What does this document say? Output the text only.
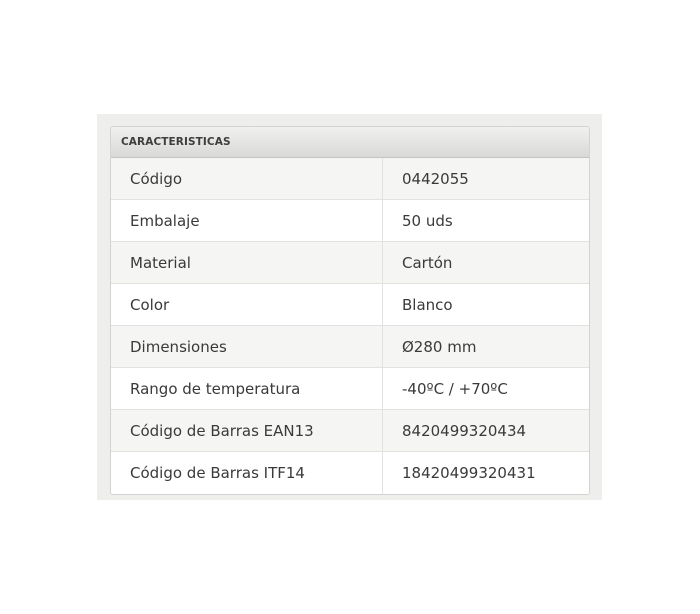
CARACTERISTICAS
Código	0442055
Embalaje	50 uds
Material	Cartón
Color	Blanco
Dimensiones	Ø280 mm
Rango de temperatura	-40ºC / +70ºC
Código de Barras EAN13	8420499320434
Código de Barras ITF14	18420499320431
